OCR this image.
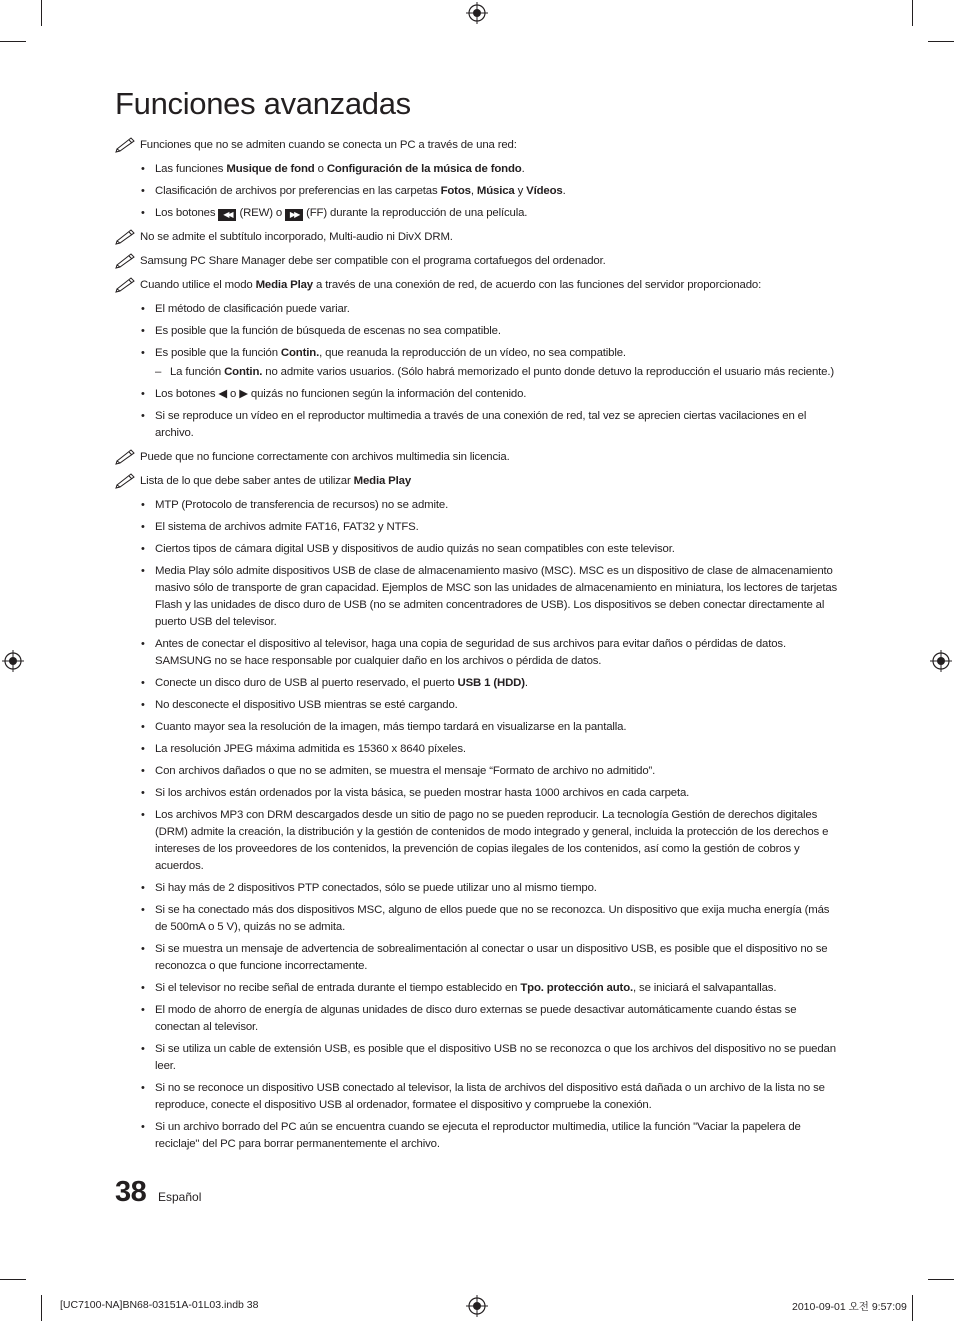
Funciones avanzadas
Funciones que no se admiten cuando se conecta un PC a través de una red:
• Las funciones Musique de fond o Configuración de la música de fondo.
• Clasificación de archivos por preferencias en las carpetas Fotos, Música y Vídeos.
• Los botones ◀◀ (REW) o ▶▶ (FF) durante la reproducción de una película.
No se admite el subtítulo incorporado, Multi-audio ni DivX DRM.
Samsung PC Share Manager debe ser compatible con el programa cortafuegos del ordenador.
Cuando utilice el modo Media Play a través de una conexión de red, de acuerdo con las funciones del servidor proporcionado:
• El método de clasificación puede variar.
• Es posible que la función de búsqueda de escenas no sea compatible.
• Es posible que la función Contin., que reanuda la reproducción de un vídeo, no sea compatible.
– La función Contin. no admite varios usuarios. (Sólo habrá memorizado el punto donde detuvo la reproducción el usuario más reciente.)
• Los botones ◀ o ▶ quizás no funcionen según la información del contenido.
• Si se reproduce un vídeo en el reproductor multimedia a través de una conexión de red, tal vez se aprecien ciertas vacilaciones en el archivo.
Puede que no funcione correctamente con archivos multimedia sin licencia.
Lista de lo que debe saber antes de utilizar Media Play
• MTP (Protocolo de transferencia de recursos) no se admite.
• El sistema de archivos admite FAT16, FAT32 y NTFS.
• Ciertos tipos de cámara digital USB y dispositivos de audio quizás no sean compatibles con este televisor.
• Media Play sólo admite dispositivos USB de clase de almacenamiento masivo (MSC). MSC es un dispositivo de clase de almacenamiento masivo sólo de transporte de gran capacidad. Ejemplos de MSC son las unidades de almacenamiento en miniatura, los lectores de tarjetas Flash y las unidades de disco duro de USB (no se admiten concentradores de USB). Los dispositivos se deben conectar directamente al puerto USB del televisor.
• Antes de conectar el dispositivo al televisor, haga una copia de seguridad de sus archivos para evitar daños o pérdidas de datos. SAMSUNG no se hace responsable por cualquier daño en los archivos o pérdida de datos.
• Conecte un disco duro de USB al puerto reservado, el puerto USB 1 (HDD).
• No desconecte el dispositivo USB mientras se esté cargando.
• Cuanto mayor sea la resolución de la imagen, más tiempo tardará en visualizarse en la pantalla.
• La resolución JPEG máxima admitida es 15360 x 8640 píxeles.
• Con archivos dañados o que no se admiten, se muestra el mensaje “Formato de archivo no admitido”.
• Si los archivos están ordenados por la vista básica, se pueden mostrar hasta 1000 archivos en cada carpeta.
• Los archivos MP3 con DRM descargados desde un sitio de pago no se pueden reproducir. La tecnología Gestión de derechos digitales (DRM) admite la creación, la distribución y la gestión de contenidos de modo integrado y general, incluida la protección de los derechos e intereses de los proveedores de los contenidos, la prevención de copias ilegales de los contenidos, así como la gestión de cobros y acuerdos.
• Si hay más de 2 dispositivos PTP conectados, sólo se puede utilizar uno al mismo tiempo.
• Si se ha conectado más dos dispositivos MSC, alguno de ellos puede que no se reconozca. Un dispositivo que exija mucha energía (más de 500mA o 5 V), quizás no se admita.
• Si se muestra un mensaje de advertencia de sobrealimentación al conectar o usar un dispositivo USB, es posible que el dispositivo no se reconozca o que funcione incorrectamente.
• Si el televisor no recibe señal de entrada durante el tiempo establecido en Tpo. protección auto., se iniciará el salvapantallas.
• El modo de ahorro de energía de algunas unidades de disco duro externas se puede desactivar automáticamente cuando éstas se conectan al televisor.
• Si se utiliza un cable de extensión USB, es posible que el dispositivo USB no se reconozca o que los archivos del dispositivo no se puedan leer.
• Si no se reconoce un dispositivo USB conectado al televisor, la lista de archivos del dispositivo está dañada o un archivo de la lista no se reproduce, conecte el dispositivo USB al ordenador, formatee el dispositivo y compruebe la conexión.
• Si un archivo borrado del PC aún se encuentra cuando se ejecuta el reproductor multimedia, utilice la función "Vaciar la papelera de reciclaje" del PC para borrar permanentemente el archivo.
38 Español
[UC7100-NA]BN68-03151A-01L03.indb 38	2010-09-01 오전 9:57:09
